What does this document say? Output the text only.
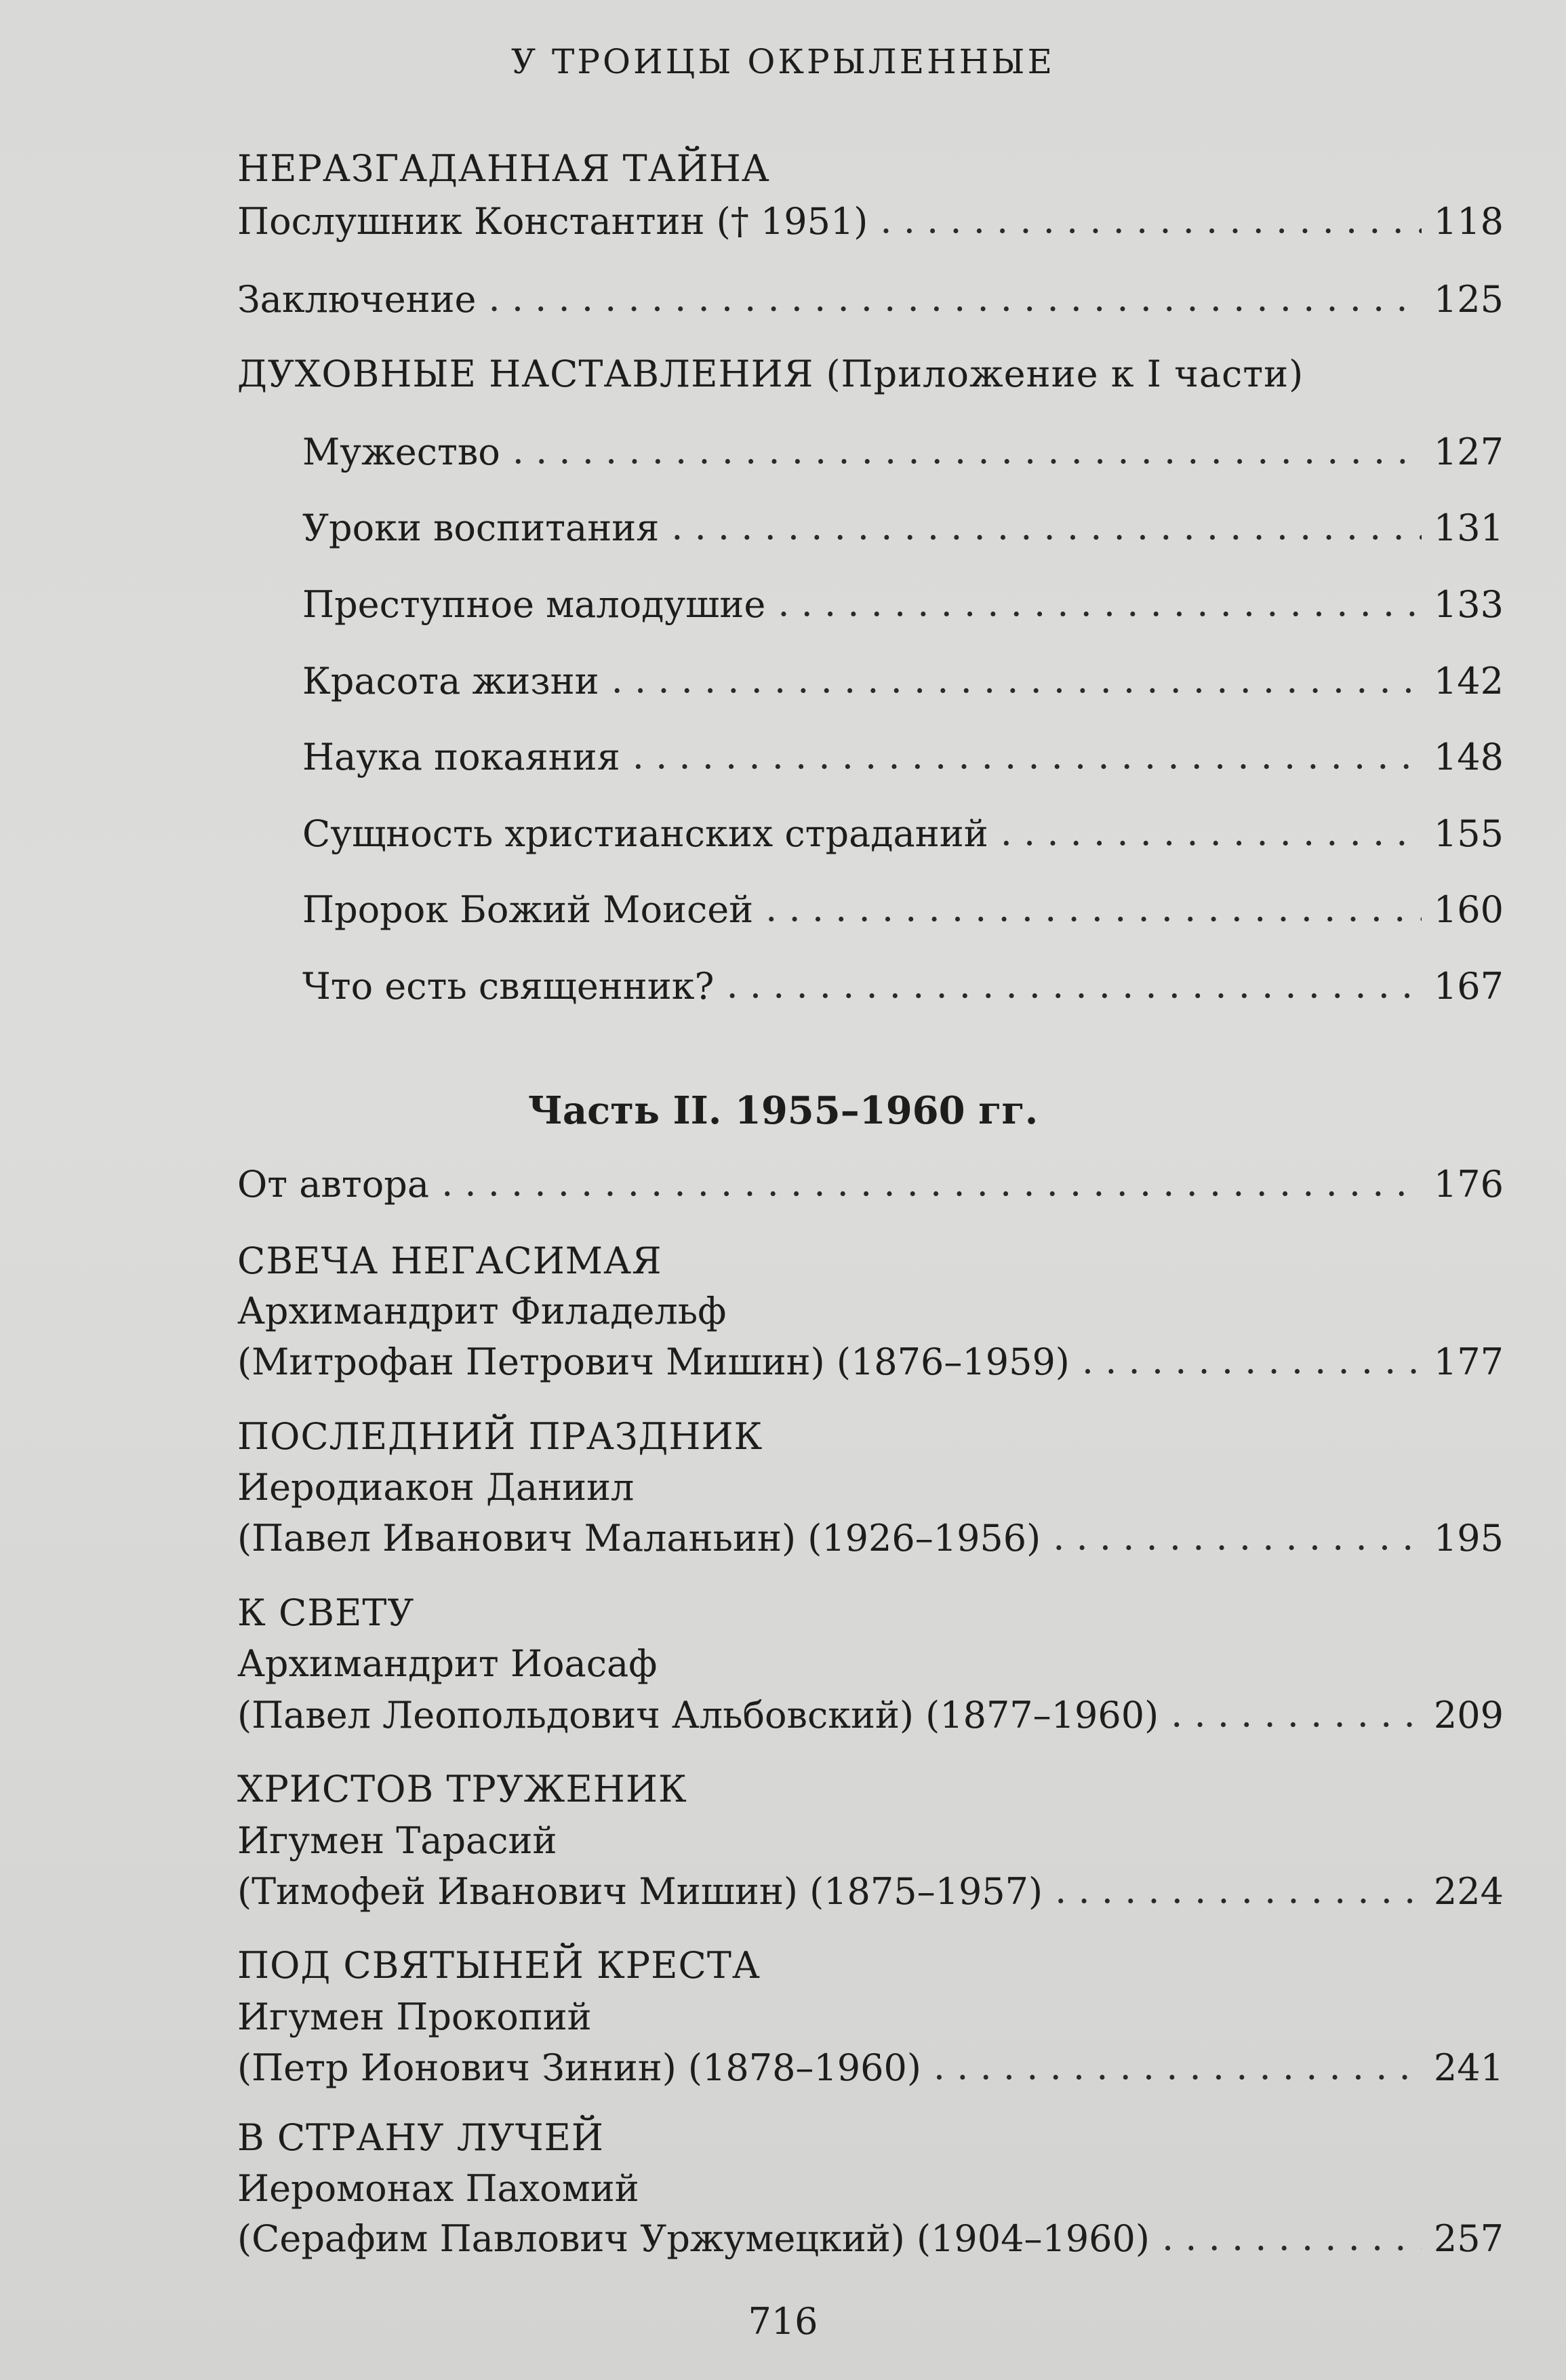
У ТРОИЦЫ ОКРЫЛЕННЫЕ
НЕРАЗГАДАННАЯ ТАЙНА
Послушник Константин († 1951) . . .	118
Заключение . . .	125
ДУХОВНЫЕ НАСТАВЛЕНИЯ (Приложение к I части)
Мужество . . .	127
Уроки воспитания . . .	131
Преступное малодушие . . .	133
Красота жизни . . .	142
Наука покаяния . . .	148
Сущность христианских страданий . . .	155
Пророк Божий Моисей . . .	160
Что есть священник? . . .	167
Часть II. 1955–1960 гг.
От автора . . .	176
СВЕЧА НЕГАСИМАЯ
Архимандрит Филадельф
(Митрофан Петрович Мишин) (1876–1959) . . .	177
ПОСЛЕДНИЙ ПРАЗДНИК
Иеродиакон Даниил
(Павел Иванович Маланьин) (1926–1956) . . .	195
К СВЕТУ
Архимандрит Иоасаф
(Павел Леопольдович Альбовский) (1877–1960) . . .	209
ХРИСТОВ ТРУЖЕНИК
Игумен Тарасий
(Тимофей Иванович Мишин) (1875–1957) . . .	224
ПОД СВЯТЫНЕЙ КРЕСТА
Игумен Прокопий
(Петр Ионович Зинин) (1878–1960) . . .	241
В СТРАНУ ЛУЧЕЙ
Иеромонах Пахомий
(Серафим Павлович Уржумецкий) (1904–1960) . . .	257
716
